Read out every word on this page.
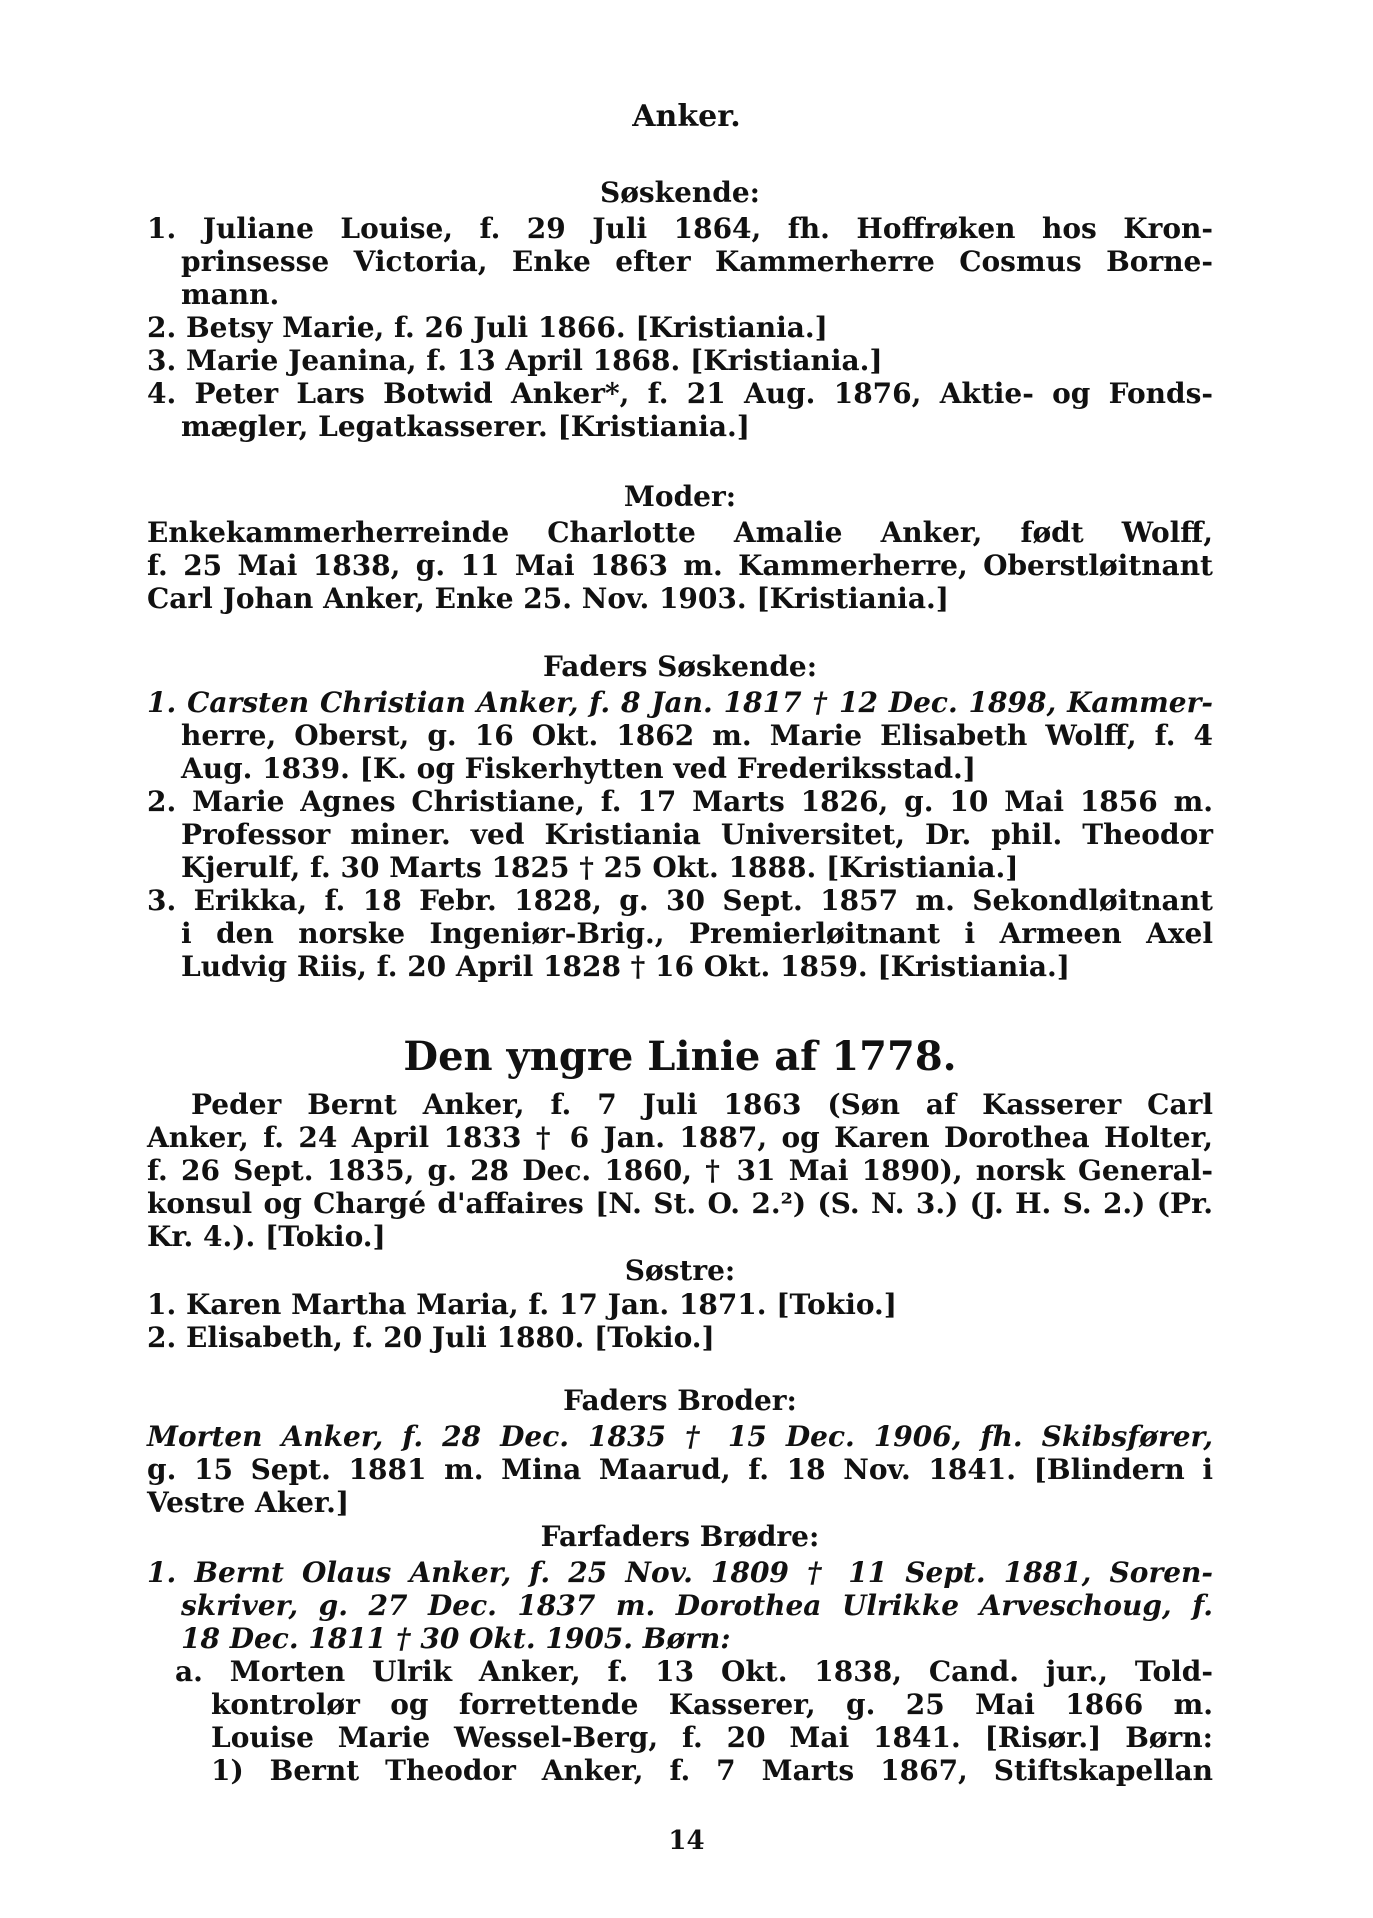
Anker.
Søskende:
1. Juliane Louise, f. 29 Juli 1864, fh. Hoffrøken hos Kron-
prinsesse Victoria, Enke efter Kammerherre Cosmus Borne-
mann.
2. Betsy Marie, f. 26 Juli 1866. [Kristiania.]
3. Marie Jeanina, f. 13 April 1868. [Kristiania.]
4. Peter Lars Botwid Anker*, f. 21 Aug. 1876, Aktie- og Fonds-
mægler, Legatkasserer. [Kristiania.]
Moder:
Enkekammerherreinde Charlotte Amalie Anker, født Wolff,
f. 25 Mai 1838, g. 11 Mai 1863 m. Kammerherre, Oberstløitnant
Carl Johan Anker, Enke 25. Nov. 1903. [Kristiania.]
Faders Søskende:
1. Carsten Christian Anker, f. 8 Jan. 1817 † 12 Dec. 1898, Kammer-
herre, Oberst, g. 16 Okt. 1862 m. Marie Elisabeth Wolff, f. 4
Aug. 1839. [K. og Fiskerhytten ved Frederiksstad.]
2. Marie Agnes Christiane, f. 17 Marts 1826, g. 10 Mai 1856 m.
Professor miner. ved Kristiania Universitet, Dr. phil. Theodor
Kjerulf, f. 30 Marts 1825 † 25 Okt. 1888. [Kristiania.]
3. Erikka, f. 18 Febr. 1828, g. 30 Sept. 1857 m. Sekondløitnant
i den norske Ingeniør-Brig., Premierløitnant i Armeen Axel
Ludvig Riis, f. 20 April 1828 † 16 Okt. 1859. [Kristiania.]
Den yngre Linie af 1778.
Peder Bernt Anker, f. 7 Juli 1863 (Søn af Kasserer Carl
Anker, f. 24 April 1833 † 6 Jan. 1887, og Karen Dorothea Holter,
f. 26 Sept. 1835, g. 28 Dec. 1860, † 31 Mai 1890), norsk General-
konsul og Chargé d'affaires [N. St. O. 2.²) (S. N. 3.) (J. H. S. 2.) (Pr.
Kr. 4.). [Tokio.]
Søstre:
1. Karen Martha Maria, f. 17 Jan. 1871. [Tokio.]
2. Elisabeth, f. 20 Juli 1880. [Tokio.]
Faders Broder:
Morten Anker, f. 28 Dec. 1835 † 15 Dec. 1906, fh. Skibsfører,
g. 15 Sept. 1881 m. Mina Maarud, f. 18 Nov. 1841. [Blindern i
Vestre Aker.]
Farfaders Brødre:
1. Bernt Olaus Anker, f. 25 Nov. 1809 † 11 Sept. 1881, Soren-
skriver, g. 27 Dec. 1837 m. Dorothea Ulrikke Arveschoug, f.
18 Dec. 1811 † 30 Okt. 1905. Børn:
a. Morten Ulrik Anker, f. 13 Okt. 1838, Cand. jur., Told-
kontrolør og forrettende Kasserer, g. 25 Mai 1866 m.
Louise Marie Wessel-Berg, f. 20 Mai 1841. [Risør.] Børn:
1) Bernt Theodor Anker, f. 7 Marts 1867, Stiftskapellan
14
